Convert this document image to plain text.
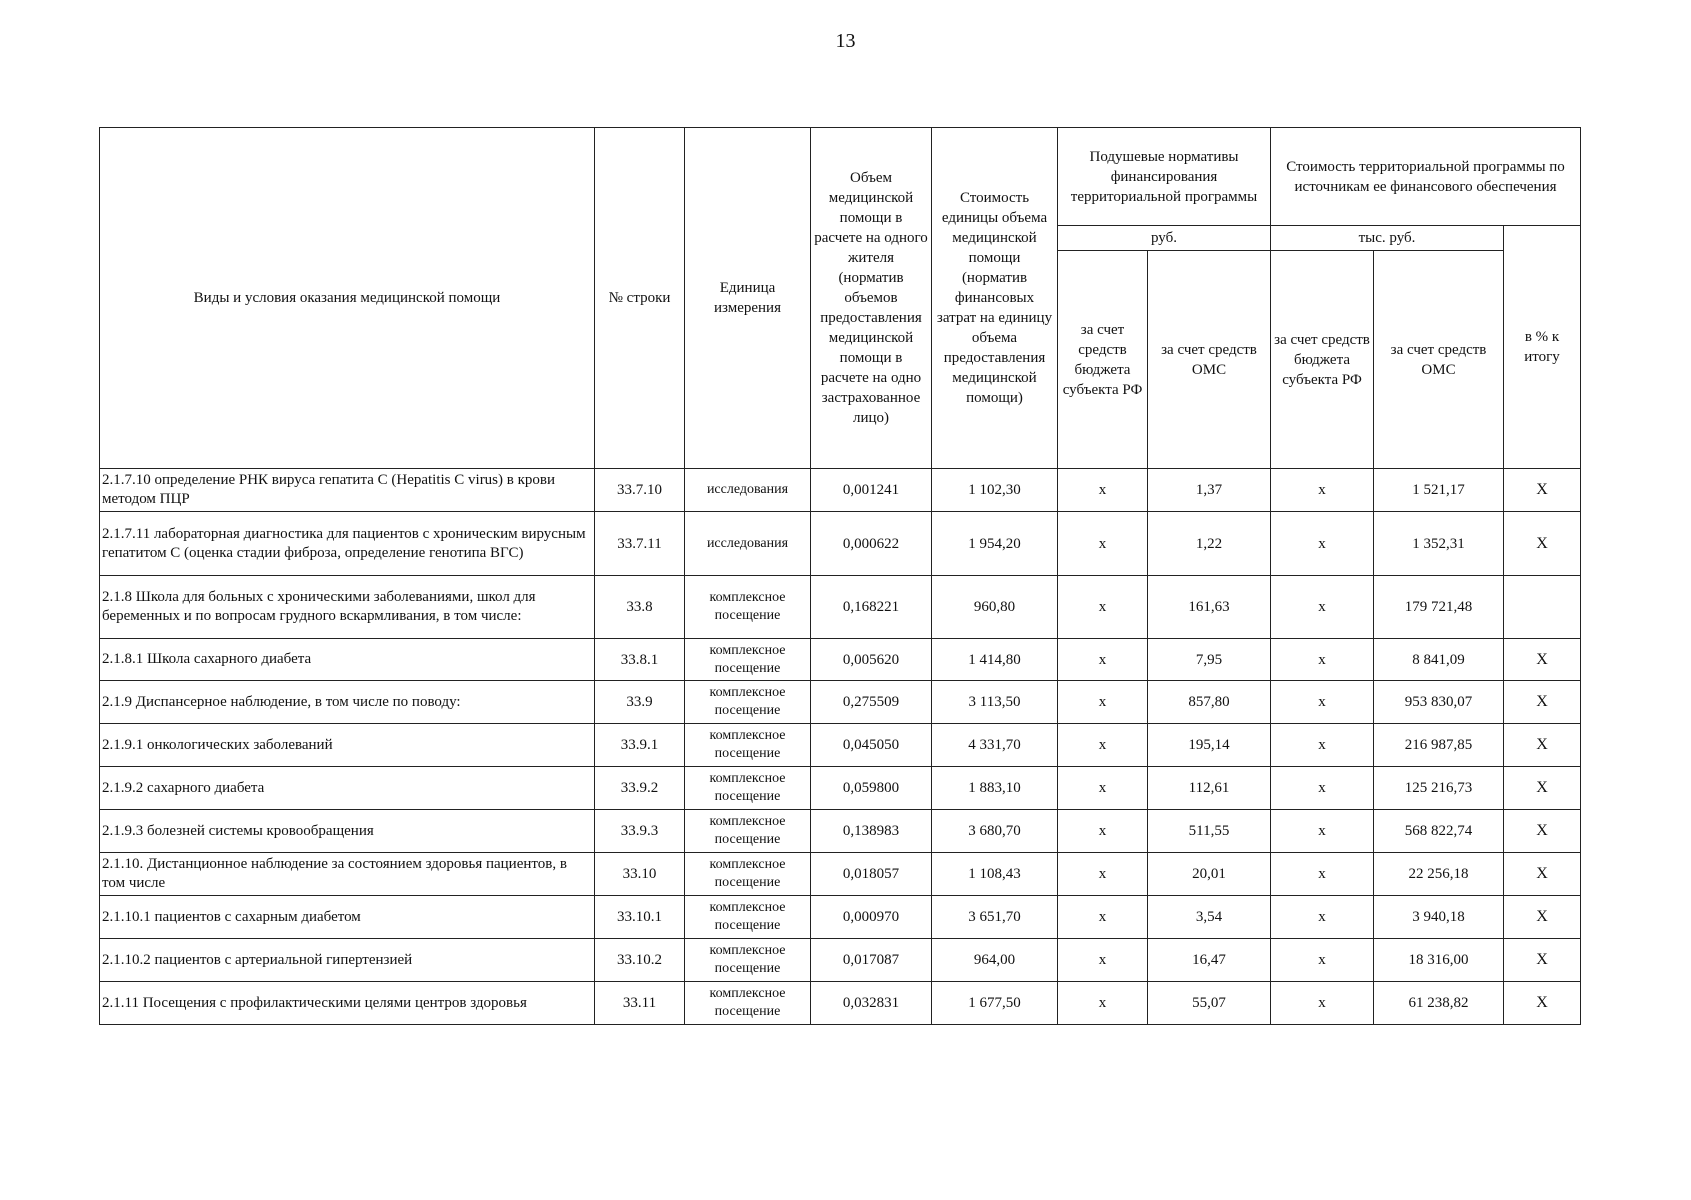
13
Виды и условия оказания медицинской помощи	№ строки	Единица измерения	Объем медицинской помощи в расчете на одного жителя (норматив объемов предоставления медицинской помощи в расчете на одно застрахованное лицо)	Стоимость единицы объема медицинской помощи (норматив финансовых затрат на единицу объема предоставления медицинской помощи)	Подушевые нормативы финансирования территориальной программы		Стоимость территориальной программы по источникам ее финансового обеспечения		
					руб.		тыс. руб.		в % к итогу
					за счет средств бюджета субъекта РФ	за счет средств ОМС	за счет средств бюджета субъекта РФ	за счет средств ОМС	
2.1.7.10 определение РНК вируса гепатита С (Hepatitis C virus) в крови методом ПЦР	33.7.10	исследования	0,001241	1 102,30	х	1,37	х	1 521,17	Х
2.1.7.11 лабораторная диагностика для пациентов с хроническим вирусным гепатитом С (оценка стадии фиброза, определение генотипа ВГС)	33.7.11	исследования	0,000622	1 954,20	х	1,22	х	1 352,31	Х
2.1.8 Школа для больных с хроническими заболеваниями, школ для беременных и по вопросам грудного вскармливания, в том числе:	33.8	комплексное посещение	0,168221	960,80	х	161,63	х	179 721,48	
2.1.8.1 Школа сахарного диабета	33.8.1	комплексное посещение	0,005620	1 414,80	х	7,95	х	8 841,09	Х
2.1.9 Диспансерное наблюдение, в том числе по поводу:	33.9	комплексное посещение	0,275509	3 113,50	х	857,80	х	953 830,07	Х
2.1.9.1 онкологических заболеваний	33.9.1	комплексное посещение	0,045050	4 331,70	х	195,14	х	216 987,85	Х
2.1.9.2 сахарного диабета	33.9.2	комплексное посещение	0,059800	1 883,10	х	112,61	х	125 216,73	Х
2.1.9.3 болезней системы кровообращения	33.9.3	комплексное посещение	0,138983	3 680,70	х	511,55	х	568 822,74	Х
2.1.10. Дистанционное наблюдение за состоянием здоровья пациентов, в том числе	33.10	комплексное посещение	0,018057	1 108,43	х	20,01	х	22 256,18	Х
2.1.10.1 пациентов с сахарным диабетом	33.10.1	комплексное посещение	0,000970	3 651,70	х	3,54	х	3 940,18	Х
2.1.10.2 пациентов с артериальной гипертензией	33.10.2	комплексное посещение	0,017087	964,00	х	16,47	х	18 316,00	Х
2.1.11 Посещения с профилактическими целями центров здоровья	33.11	комплексное посещение	0,032831	1 677,50	х	55,07	х	61 238,82	Х
